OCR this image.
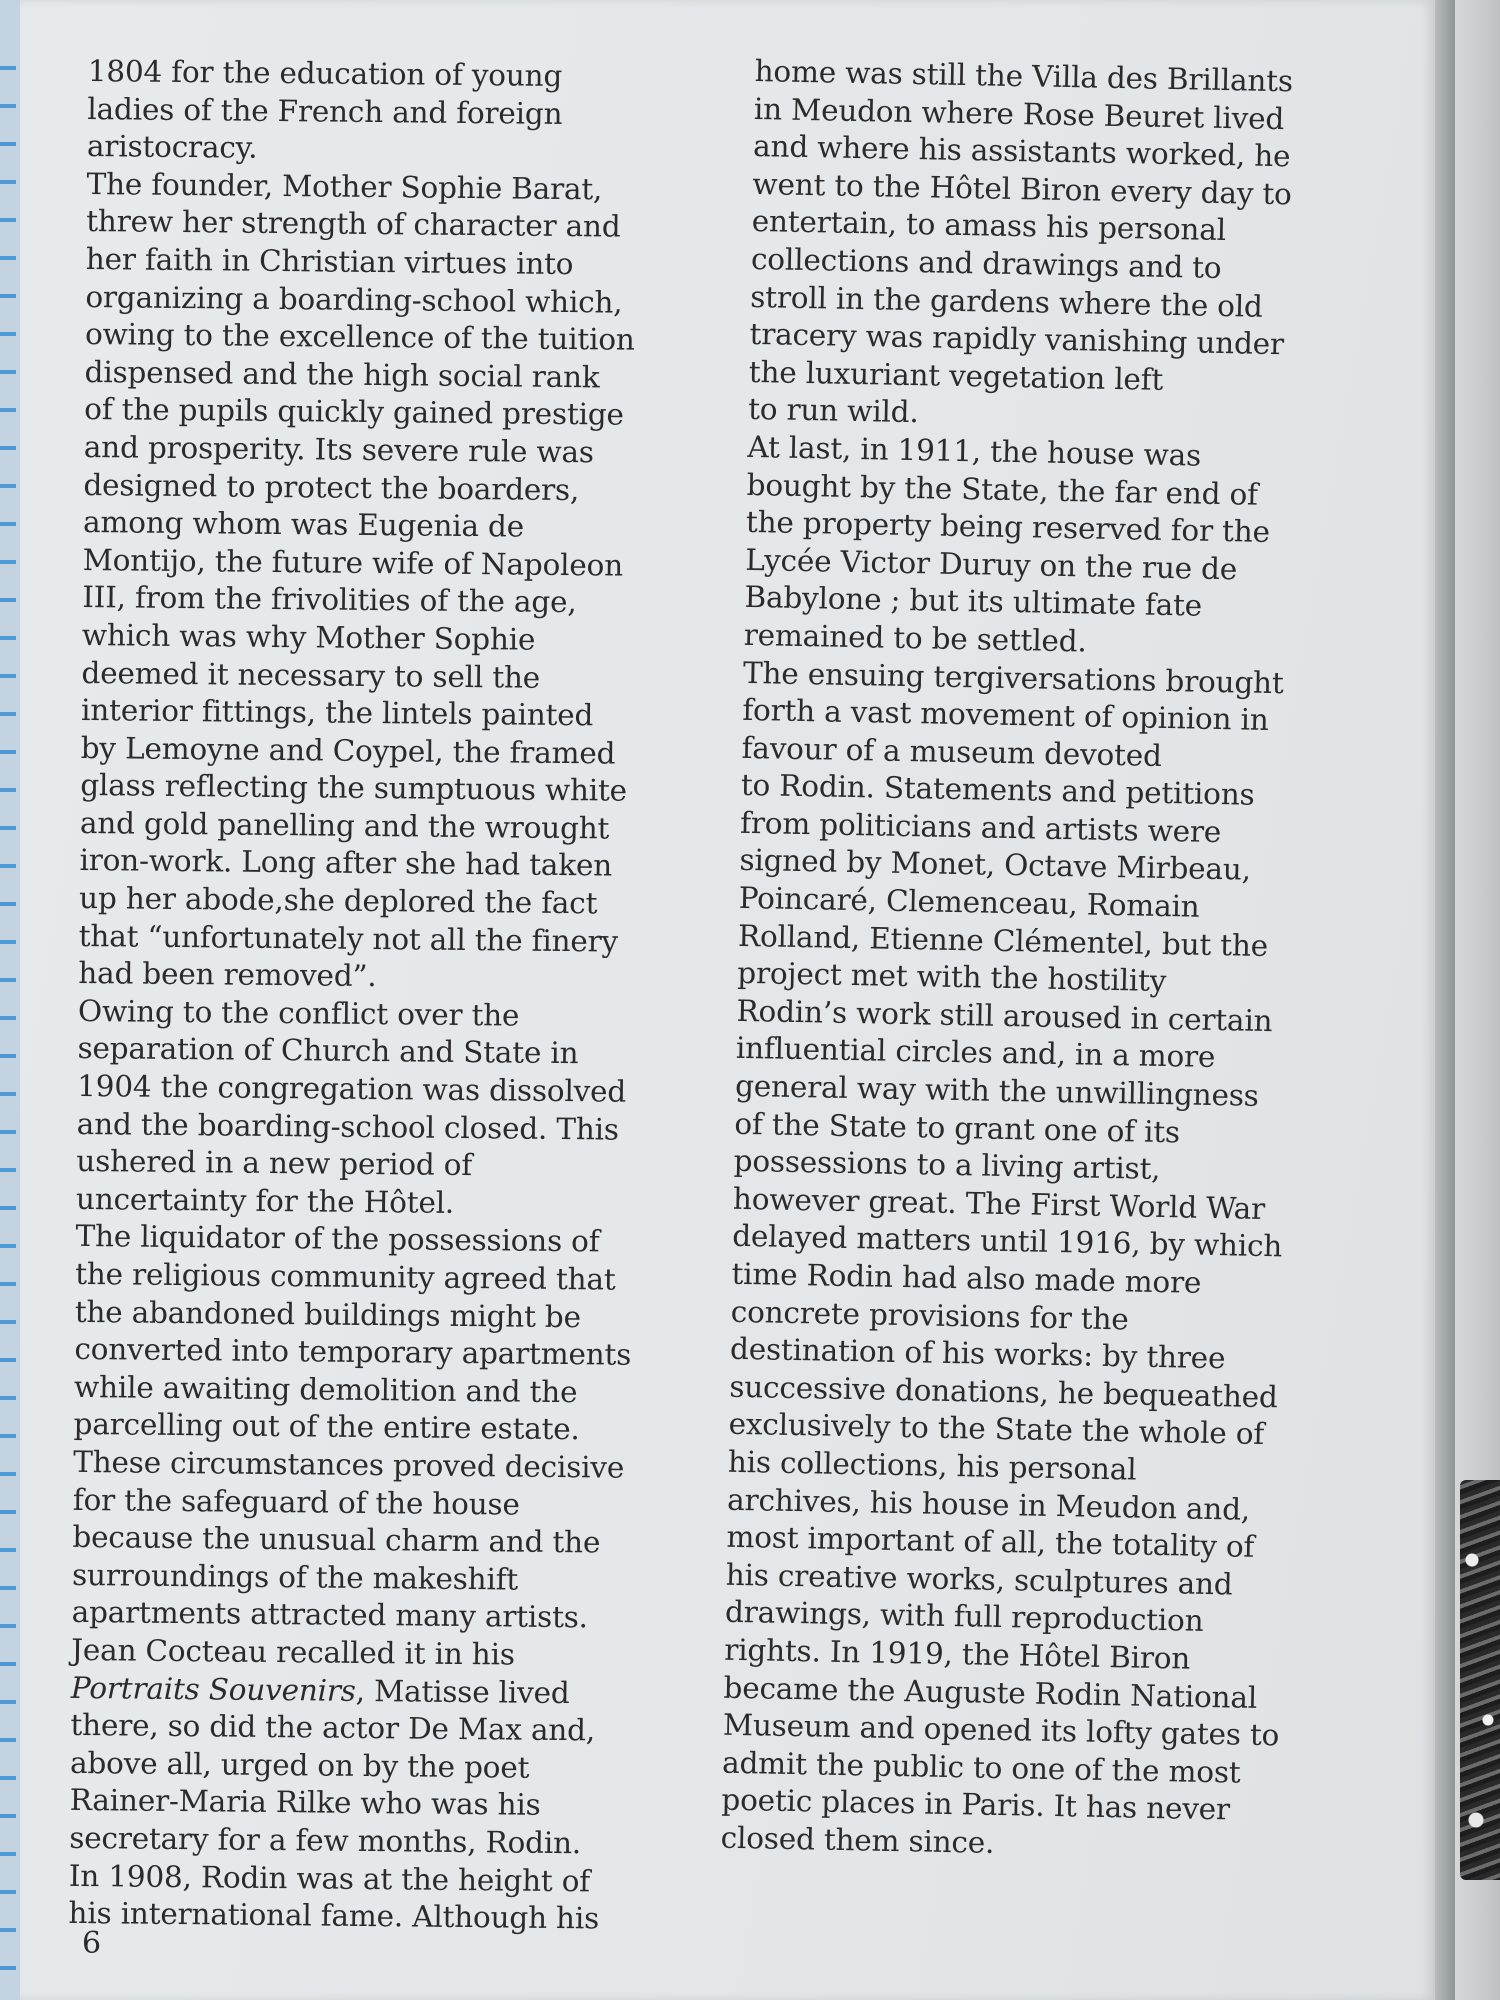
1804 for the education of young
ladies of the French and foreign
aristocracy.
The founder, Mother Sophie Barat,
threw her strength of character and
her faith in Christian virtues into
organizing a boarding-school which,
owing to the excellence of the tuition
dispensed and the high social rank
of the pupils quickly gained prestige
and prosperity. Its severe rule was
designed to protect the boarders,
among whom was Eugenia de
Montijo, the future wife of Napoleon
III, from the frivolities of the age,
which was why Mother Sophie
deemed it necessary to sell the
interior fittings, the lintels painted
by Lemoyne and Coypel, the framed
glass reflecting the sumptuous white
and gold panelling and the wrought
iron-work. Long after she had taken
up her abode,she deplored the fact
that “unfortunately not all the finery
had been removed”.
Owing to the conflict over the
separation of Church and State in
1904 the congregation was dissolved
and the boarding-school closed. This
ushered in a new period of
uncertainty for the Hôtel.
The liquidator of the possessions of
the religious community agreed that
the abandoned buildings might be
converted into temporary apartments
while awaiting demolition and the
parcelling out of the entire estate.
These circumstances proved decisive
for the safeguard of the house
because the unusual charm and the
surroundings of the makeshift
apartments attracted many artists.
Jean Cocteau recalled it in his
Portraits Souvenirs, Matisse lived
there, so did the actor De Max and,
above all, urged on by the poet
Rainer-Maria Rilke who was his
secretary for a few months, Rodin.
In 1908, Rodin was at the height of
his international fame. Although his
home was still the Villa des Brillants
in Meudon where Rose Beuret lived
and where his assistants worked, he
went to the Hôtel Biron every day to
entertain, to amass his personal
collections and drawings and to
stroll in the gardens where the old
tracery was rapidly vanishing under
the luxuriant vegetation left
to run wild.
At last, in 1911, the house was
bought by the State, the far end of
the property being reserved for the
Lycée Victor Duruy on the rue de
Babylone ; but its ultimate fate
remained to be settled.
The ensuing tergiversations brought
forth a vast movement of opinion in
favour of a museum devoted
to Rodin. Statements and petitions
from politicians and artists were
signed by Monet, Octave Mirbeau,
Poincaré, Clemenceau, Romain
Rolland, Etienne Clémentel, but the
project met with the hostility
Rodin’s work still aroused in certain
influential circles and, in a more
general way with the unwillingness
of the State to grant one of its
possessions to a living artist,
however great. The First World War
delayed matters until 1916, by which
time Rodin had also made more
concrete provisions for the
destination of his works: by three
successive donations, he bequeathed
exclusively to the State the whole of
his collections, his personal
archives, his house in Meudon and,
most important of all, the totality of
his creative works, sculptures and
drawings, with full reproduction
rights. In 1919, the Hôtel Biron
became the Auguste Rodin National
Museum and opened its lofty gates to
admit the public to one of the most
poetic places in Paris. It has never
closed them since.
6
